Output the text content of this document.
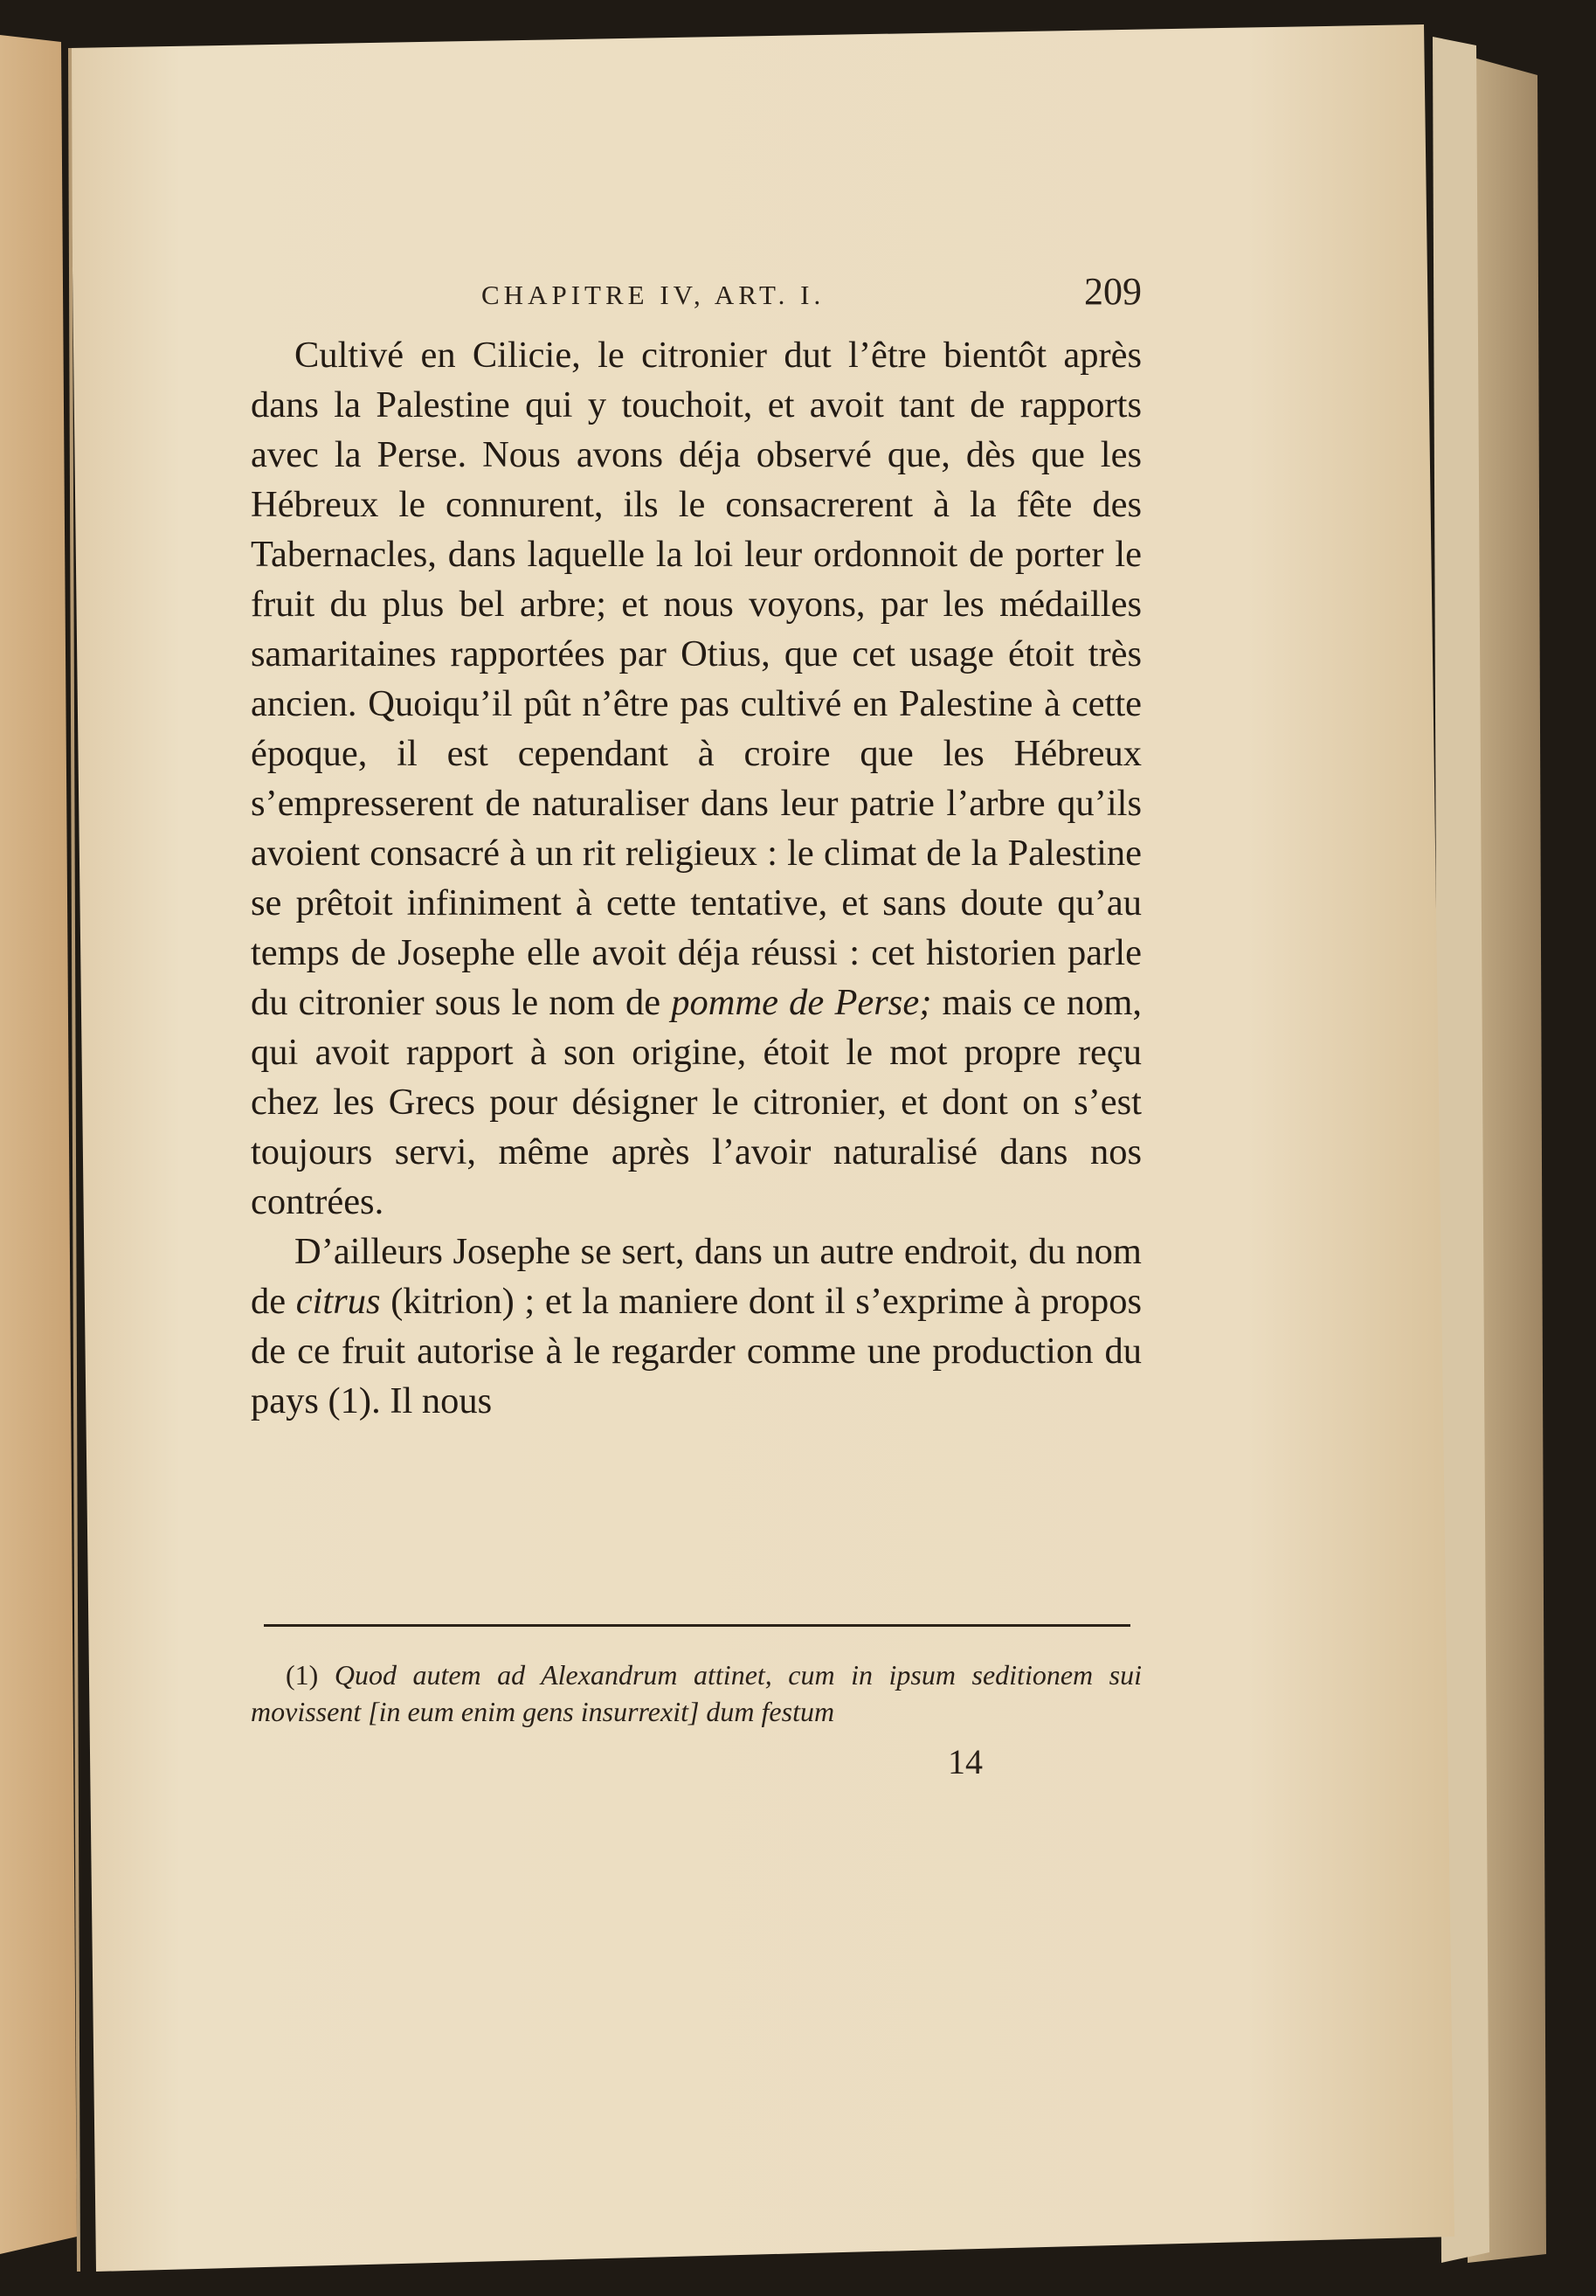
CHAPITRE IV, ART. I.	209

Cultivé en Cilicie, le citronier dut l’être bientôt après dans la Palestine qui y touchoit, et avoit tant de rapports avec la Perse. Nous avons déja observé que, dès que les Hébreux le connurent, ils le consacrerent à la fête des Tabernacles, dans laquelle la loi leur ordonnoit de porter le fruit du plus bel arbre; et nous voyons, par les médailles samaritaines rapportées par Otius, que cet usage étoit très ancien. Quoiqu’il pût n’être pas cultivé en Palestine à cette époque, il est cependant à croire que les Hébreux s’empresserent de naturaliser dans leur patrie l’arbre qu’ils avoient consacré à un rit religieux : le climat de la Palestine se prêtoit infiniment à cette tentative, et sans doute qu’au temps de Josephe elle avoit déja réussi : cet historien parle du citronier sous le nom de pomme de Perse; mais ce nom, qui avoit rapport à son origine, étoit le mot propre reçu chez les Grecs pour désigner le citronier, et dont on s’est toujours servi, même après l’avoir naturalisé dans nos contrées.

D’ailleurs Josephe se sert, dans un autre endroit, du nom de citrus (kitrion) ; et la maniere dont il s’exprime à propos de ce fruit autorise à le regarder comme une production du pays (1). Il nous

(1) Quod autem ad Alexandrum attinet, cum in ipsum seditionem sui movissent [in eum enim gens insurrexit] dum festum
14
